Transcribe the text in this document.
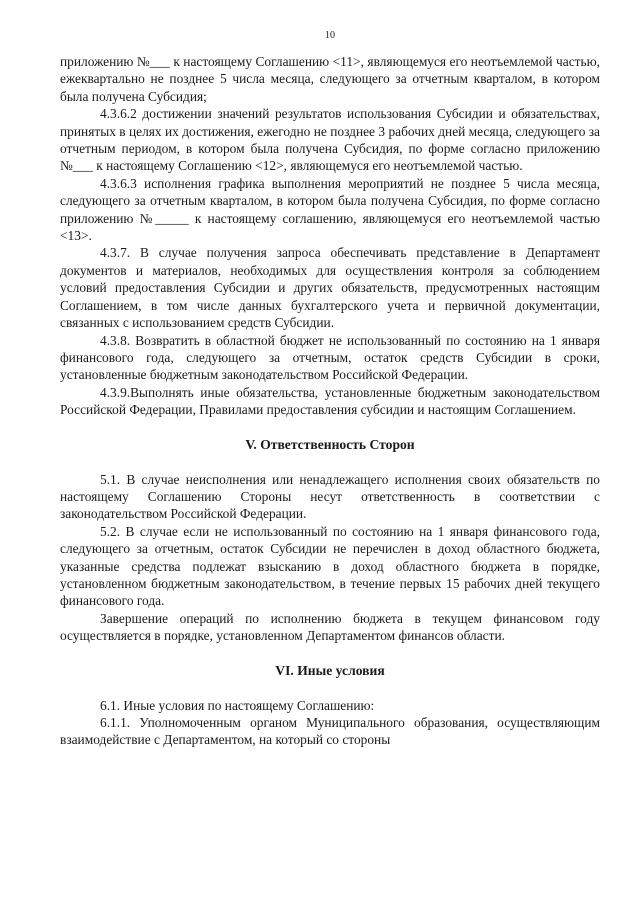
10

приложению №___ к настоящему Соглашению <11>, являющемуся его неотъемлемой частью, ежеквартально не позднее 5 числа месяца, следующего за отчетным кварталом, в котором была получена Субсидия;

4.3.6.2 достижении значений результатов использования Субсидии и обязательствах, принятых в целях их достижения, ежегодно не позднее 3 рабочих дней месяца, следующего за отчетным периодом, в котором была получена Субсидия, по форме согласно приложению №___ к настоящему Соглашению <12>, являющемуся его неотъемлемой частью.

4.3.6.3 исполнения графика выполнения мероприятий не позднее 5 числа месяца, следующего за отчетным кварталом, в котором была получена Субсидия, по форме согласно приложению №_____ к настоящему соглашению, являющемуся его неотъемлемой частью <13>.

4.3.7. В случае получения запроса обеспечивать представление в Департамент документов и материалов, необходимых для осуществления контроля за соблюдением условий предоставления Субсидии и других обязательств, предусмотренных настоящим Соглашением, в том числе данных бухгалтерского учета и первичной документации, связанных с использованием средств Субсидии.

4.3.8. Возвратить в областной бюджет не использованный по состоянию на 1 января финансового года, следующего за отчетным, остаток средств Субсидии в сроки, установленные бюджетным законодательством Российской Федерации.

4.3.9.Выполнять иные обязательства, установленные бюджетным законодательством Российской Федерации, Правилами предоставления субсидии и настоящим Соглашением.

V. Ответственность Сторон

5.1. В случае неисполнения или ненадлежащего исполнения своих обязательств по настоящему Соглашению Стороны несут ответственность в соответствии с законодательством Российской Федерации.

5.2. В случае если не использованный по состоянию на 1 января финансового года, следующего за отчетным, остаток Субсидии не перечислен в доход областного бюджета, указанные средства подлежат взысканию в доход областного бюджета в порядке, установленном бюджетным законодательством, в течение первых 15 рабочих дней текущего финансового года.

Завершение операций по исполнению бюджета в текущем финансовом году осуществляется в порядке, установленном Департаментом финансов области.

VI. Иные условия

6.1. Иные условия по настоящему Соглашению:

6.1.1. Уполномоченным органом Муниципального образования, осуществляющим взаимодействие с Департаментом, на который со стороны
